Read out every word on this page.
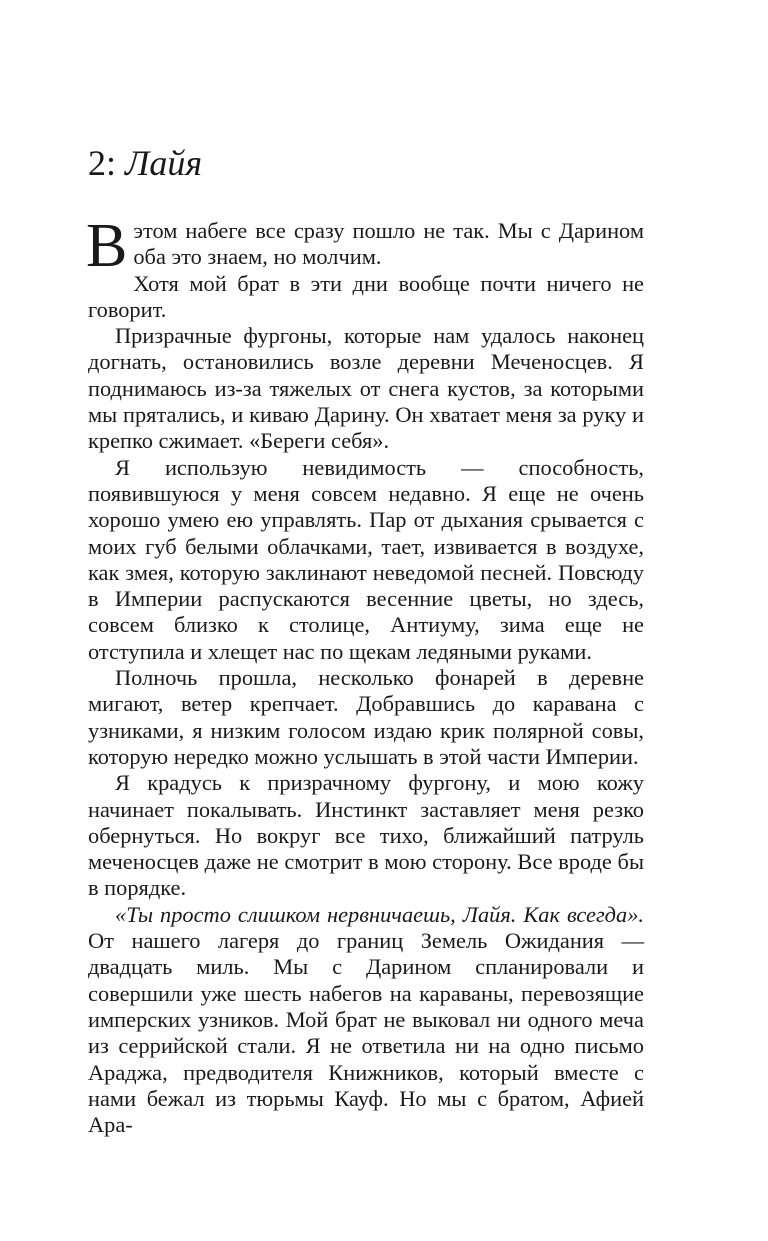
2: Лайя

Вэтом набеге все сразу пошло не так. Мы с Дарином оба это знаем, но молчим.

Хотя мой брат в эти дни вообще почти ничего не говорит.

Призрачные фургоны, которые нам удалось наконец догнать, остановились возле деревни Меченосцев. Я поднимаюсь из-за тяжелых от снега кустов, за которыми мы прятались, и киваю Дарину. Он хватает меня за руку и крепко сжимает. «Береги себя».

Я использую невидимость — способность, появившуюся у меня совсем недавно. Я еще не очень хорошо умею ею управлять. Пар от дыхания срывается с моих губ белыми облачками, тает, извивается в воздухе, как змея, которую заклинают неведомой песней. Повсюду в Империи распускаются весенние цветы, но здесь, совсем близко к столице, Антиуму, зима еще не отступила и хлещет нас по щекам ледяными руками.

Полночь прошла, несколько фонарей в деревне мигают, ветер крепчает. Добравшись до каравана с узниками, я низким голосом издаю крик полярной совы, которую нередко можно услышать в этой части Империи.

Я крадусь к призрачному фургону, и мою кожу начинает покалывать. Инстинкт заставляет меня резко обернуться. Но вокруг все тихо, ближайший патруль меченосцев даже не смотрит в мою сторону. Все вроде бы в порядке.

«Ты просто слишком нервничаешь, Лайя. Как всегда». От нашего лагеря до границ Земель Ожидания — двадцать миль. Мы с Дарином спланировали и совершили уже шесть набегов на караваны, перевозящие имперских узников. Мой брат не выковал ни одного меча из серрийской стали. Я не ответила ни на одно письмо Араджа, предводителя Книжников, который вместе с нами бежал из тюрьмы Кауф. Но мы с братом, Афией Ара-
